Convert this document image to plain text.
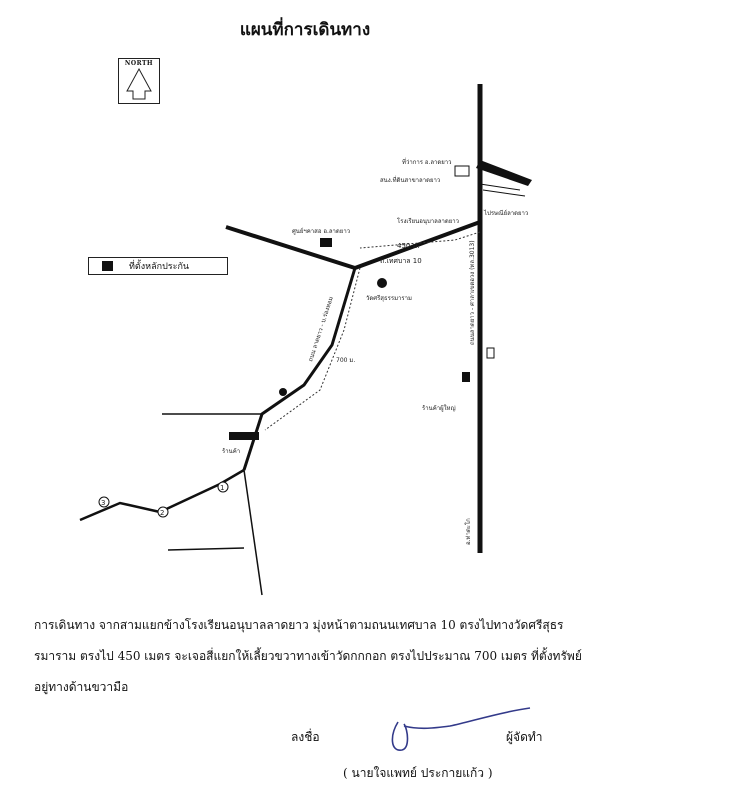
แผนที่การเดินทาง
NORTH
ที่ตั้งหลักประกัน
ที่ว่าการ อ.ลาดยาว
สนง.ที่ดินสาขาลาดยาว
ไปรษณีย์ลาดยาว
โรงเรียนอนุบาลลาดยาว
ศูนย์ฯคาสอ อ.ลาดยาว
450 ม.
ถ.เทศบาล 10
วัดศรีสุธรรมาราม
700 ม.
ร้านค้า
ร้านค้าผู้ใหญ่
1
2
3
ถนนลาดยาว - ศาลาเขตอวง (ทล.3013)
ถนน ลาดยาว - บ.ร่องหอม
อ.ท่าตะโก
การเดินทาง จากสามแยกข้างโรงเรียนอนุบาลลาดยาว มุ่งหน้าตามถนนเทศบาล 10 ตรงไปทางวัดศรีสุธรรมาราม ตรงไป 450 เมตร จะเจอสี่แยกให้เลี้ยวขวาทางเข้าวัดกกกอก ตรงไปประมาณ 700 เมตร ที่ตั้งทรัพย์อยู่ทางด้านขวามือ
ลงชื่อ	ผู้จัดทำ
( นายใจแพทย์ ประกายแก้ว )
